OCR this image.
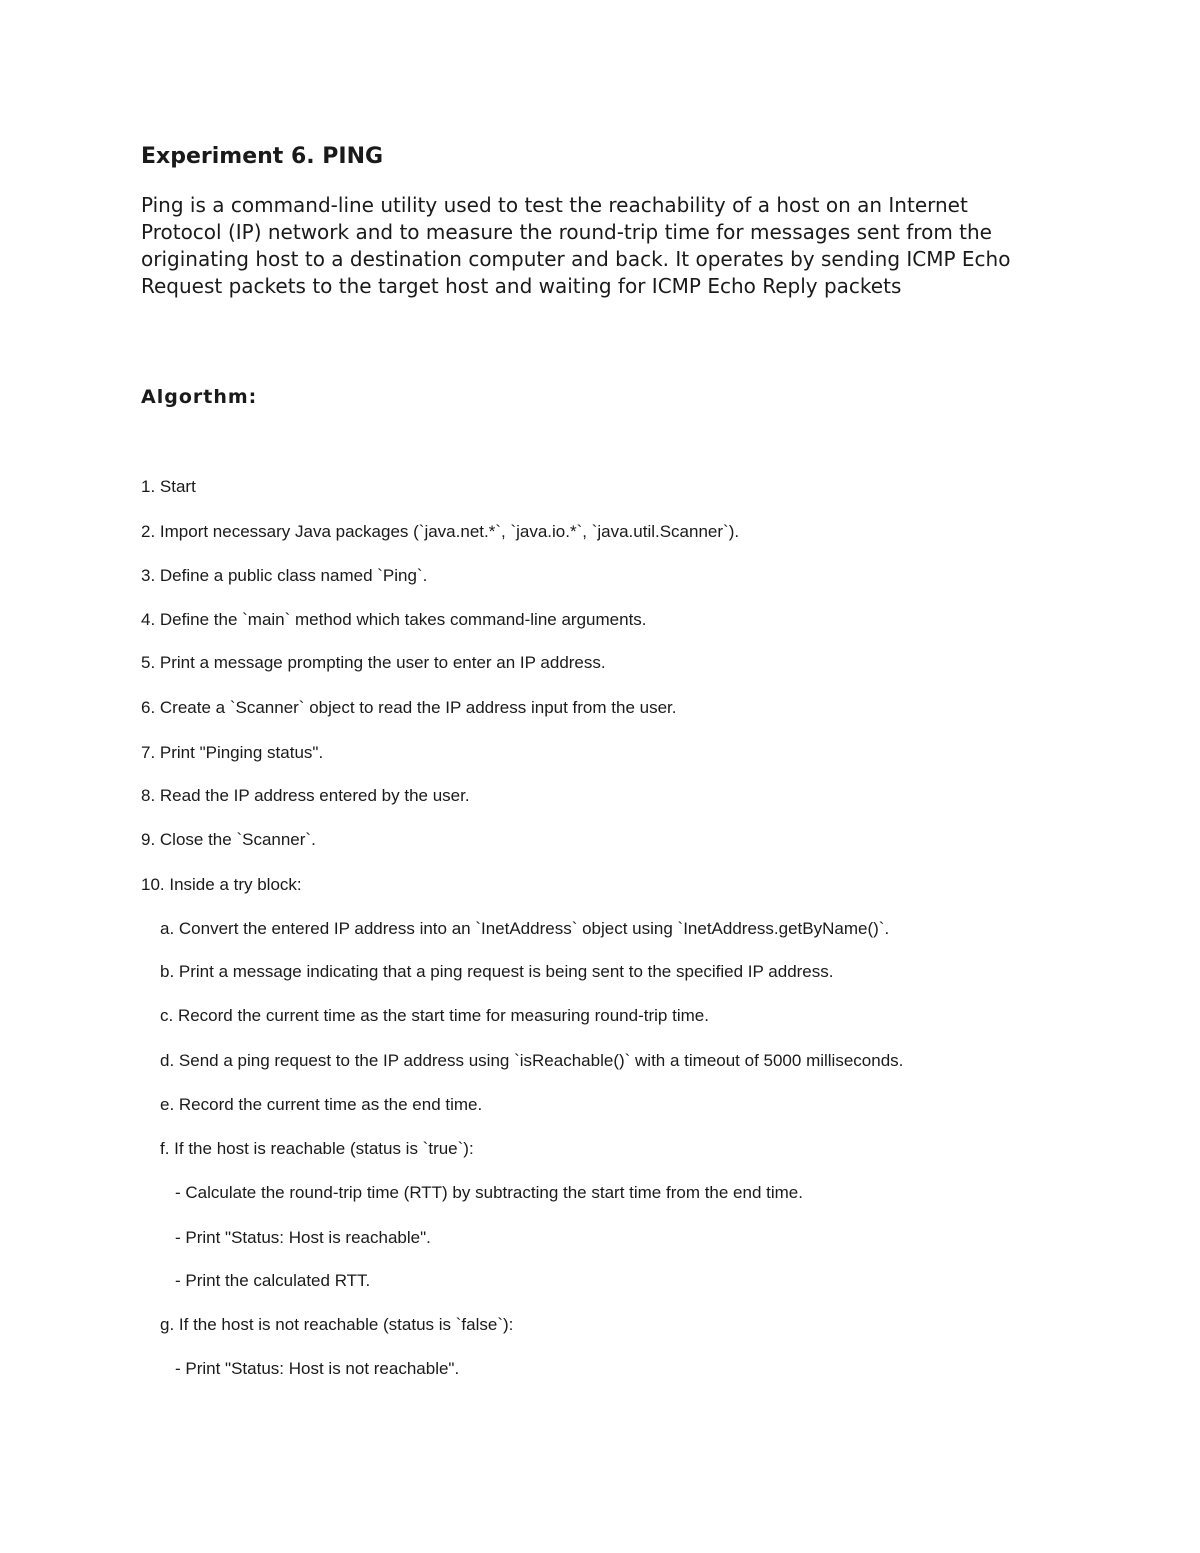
Experiment 6. PING

Ping is a command-line utility used to test the reachability of a host on an Internet Protocol (IP) network and to measure the round-trip time for messages sent from the originating host to a destination computer and back. It operates by sending ICMP Echo Request packets to the target host and waiting for ICMP Echo Reply packets

Algorthm:

1. Start

2. Import necessary Java packages (`java.net.*`, `java.io.*`, `java.util.Scanner`).

3. Define a public class named `Ping`.

4. Define the `main` method which takes command-line arguments.

5. Print a message prompting the user to enter an IP address.

6. Create a `Scanner` object to read the IP address input from the user.

7. Print "Pinging status".

8. Read the IP address entered by the user.

9. Close the `Scanner`.

10. Inside a try block:

a. Convert the entered IP address into an `InetAddress` object using `InetAddress.getByName()`.

b. Print a message indicating that a ping request is being sent to the specified IP address.

c. Record the current time as the start time for measuring round-trip time.

d. Send a ping request to the IP address using `isReachable()` with a timeout of 5000 milliseconds.

e. Record the current time as the end time.

f. If the host is reachable (status is `true`):

- Calculate the round-trip time (RTT) by subtracting the start time from the end time.

- Print "Status: Host is reachable".

- Print the calculated RTT.

g. If the host is not reachable (status is `false`):

- Print "Status: Host is not reachable".
